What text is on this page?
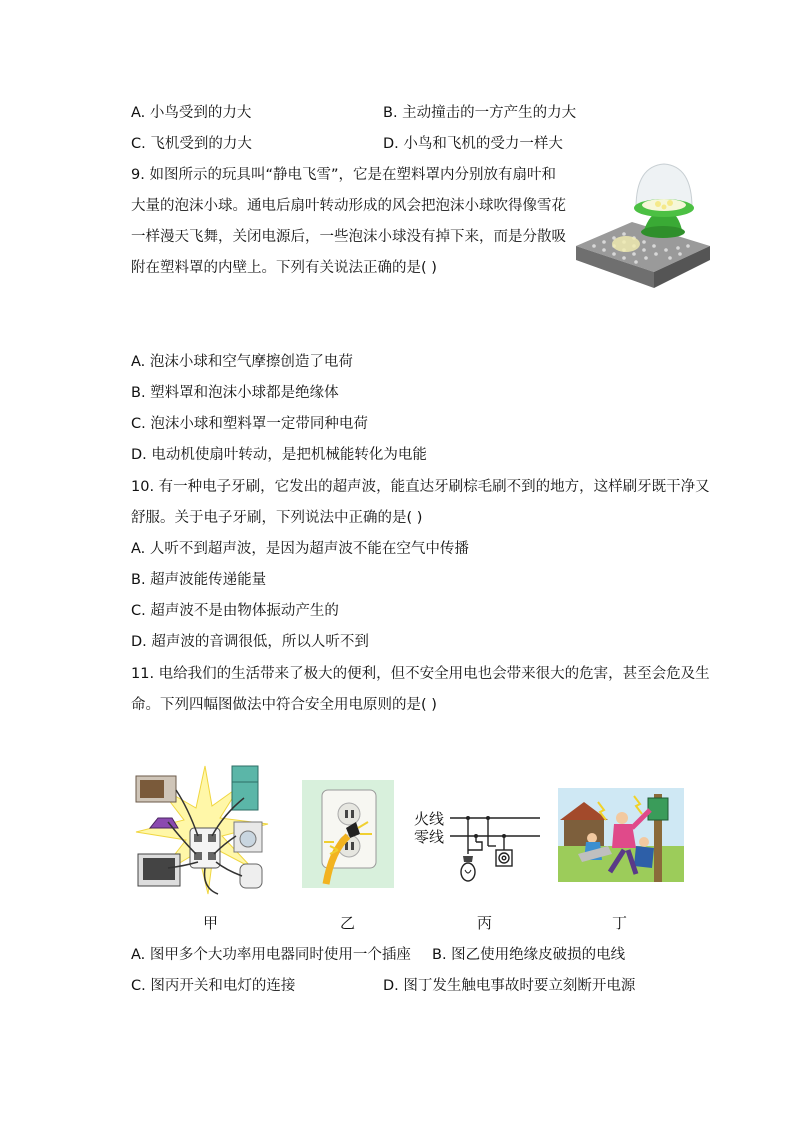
A. 小鸟受到的力大	B. 主动撞击的一方产生的力大
C. 飞机受到的力大	D. 小鸟和飞机的受力一样大
9. 如图所示的玩具叫“静电飞雪”，它是在塑料罩内分别放有扇叶和
大量的泡沫小球。通电后扇叶转动形成的风会把泡沫小球吹得像雪花
一样漫天飞舞，关闭电源后，一些泡沫小球没有掉下来，而是分散吸
附在塑料罩的内壁上。下列有关说法正确的是( )
A. 泡沫小球和空气摩擦创造了电荷
B. 塑料罩和泡沫小球都是绝缘体
C. 泡沫小球和塑料罩一定带同种电荷
D. 电动机使扇叶转动，是把机械能转化为电能
10. 有一种电子牙刷，它发出的超声波，能直达牙刷棕毛刷不到的地方，这样刷牙既干净又
舒服。关于电子牙刷，下列说法中正确的是( )
A. 人听不到超声波，是因为超声波不能在空气中传播
B. 超声波能传递能量
C. 超声波不是由物体振动产生的
D. 超声波的音调很低，所以人听不到
11. 电给我们的生活带来了极大的便利，但不安全用电也会带来很大的危害，甚至会危及生
命。下列四幅图做法中符合安全用电原则的是( )
火线
零线
甲	乙	丙	丁
A. 图甲多个大功率用电器同时使用一个插座 B. 图乙使用绝缘皮破损的电线
C. 图丙开关和电灯的连接	D. 图丁发生触电事故时要立刻断开电源
